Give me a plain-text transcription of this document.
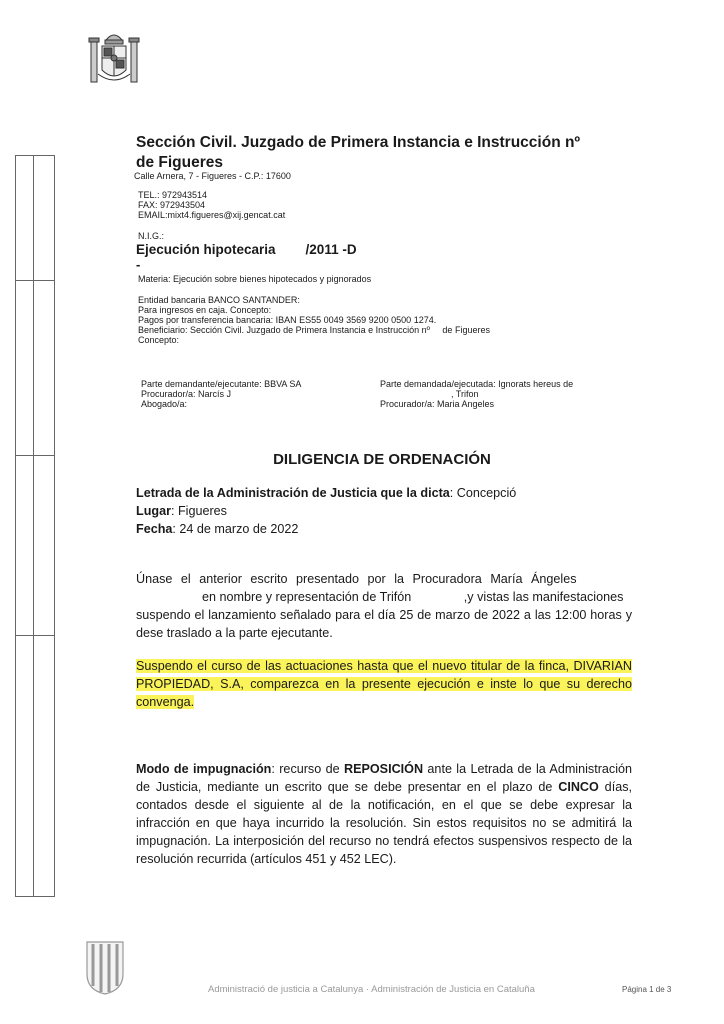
Sección Civil. Juzgado de Primera Instancia e Instrucción nº
de Figueres
Calle Arnera, 7 - Figueres - C.P.: 17600
TEL.: 972943514
FAX: 972943504
EMAIL:mixt4.figueres@xij.gencat.cat
N.I.G.:
Ejecución hipotecaria        /2011 -D
-
Materia: Ejecución sobre bienes hipotecados y pignorados
Entidad bancaria BANCO SANTANDER:
Para ingresos en caja. Concepto:
Pagos por transferencia bancaria: IBAN ES55 0049 3569 9200 0500 1274.
Beneficiario: Sección Civil. Juzgado de Primera Instancia e Instrucción nº     de Figueres
Concepto:
Parte demandante/ejecutante: BBVA SA
Procurador/a: Narcís J
Abogado/a:
Parte demandada/ejecutada: Ignorats hereus de
, Trifon
Procurador/a: Maria Angeles
DILIGENCIA DE ORDENACIÓN
Letrada de la Administración de Justicia que la dicta: Concepció
Lugar: Figueres
Fecha: 24 de marzo de 2022
Únase el anterior escrito presentado por la Procuradora María Ángeles
en nombre y representación de Trifón               ,y vistas las manifestaciones
suspendo el lanzamiento señalado para el día 25 de marzo de 2022 a las 12:00 horas y dese traslado a la parte ejecutante.
Suspendo el curso de las actuaciones hasta que el nuevo titular de la finca, DIVARIAN PROPIEDAD, S.A, comparezca en la presente ejecución e inste lo que su derecho convenga.
Modo de impugnación: recurso de REPOSICIÓN ante la Letrada de la Administración de Justicia, mediante un escrito que se debe presentar en el plazo de CINCO días, contados desde el siguiente al de la notificación, en el que se debe expresar la infracción en que haya incurrido la resolución. Sin estos requisitos no se admitirá la impugnación. La interposición del recurso no tendrá efectos suspensivos respecto de la resolución recurrida (artículos 451 y 452 LEC).
Administració de justicia a Catalunya · Administración de Justicia en Cataluña	Página 1 de 3
